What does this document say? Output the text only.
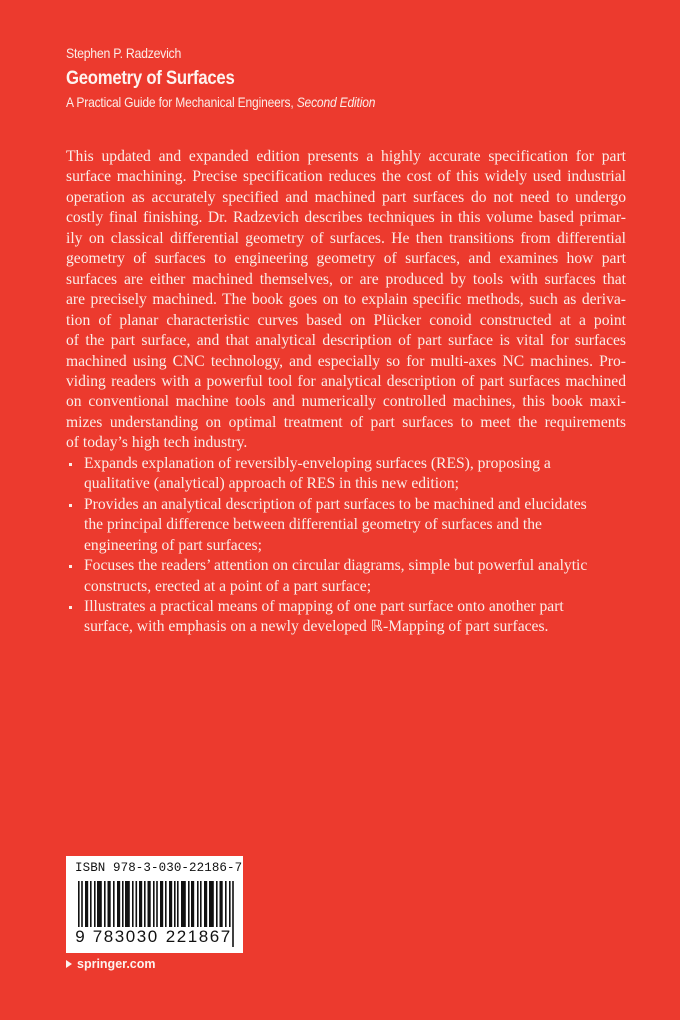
Stephen P. Radzevich
Geometry of Surfaces
A Practical Guide for Mechanical Engineers, Second Edition
This updated and expanded edition presents a highly accurate specification for part
surface machining. Precise specification reduces the cost of this widely used industrial
operation as accurately specified and machined part surfaces do not need to undergo
costly final finishing. Dr. Radzevich describes techniques in this volume based primar-
ily on classical differential geometry of surfaces. He then transitions from differential
geometry of surfaces to engineering geometry of surfaces, and examines how part
surfaces are either machined themselves, or are produced by tools with surfaces that
are precisely machined. The book goes on to explain specific methods, such as deriva-
tion of planar characteristic curves based on Plücker conoid constructed at a point
of the part surface, and that analytical description of part surface is vital for surfaces
machined using CNC technology, and especially so for multi-axes NC machines. Pro-
viding readers with a powerful tool for analytical description of part surfaces machined
on conventional machine tools and numerically controlled machines, this book maxi-
mizes understanding on optimal treatment of part surfaces to meet the requirements
of today’s high tech industry.
Expands explanation of reversibly-enveloping surfaces (RES), proposing a
qualitative (analytical) approach of RES in this new edition;
Provides an analytical description of part surfaces to be machined and elucidates
the principal difference between differential geometry of surfaces and the
engineering of part surfaces;
Focuses the readers’ attention on circular diagrams, simple but powerful analytic
constructs, erected at a point of a part surface;
Illustrates a practical means of mapping of one part surface onto another part
surface, with emphasis on a newly developed ℝ-Mapping of part surfaces.
ISBN 978-3-030-22186-7
9 783030 221867
springer.com
